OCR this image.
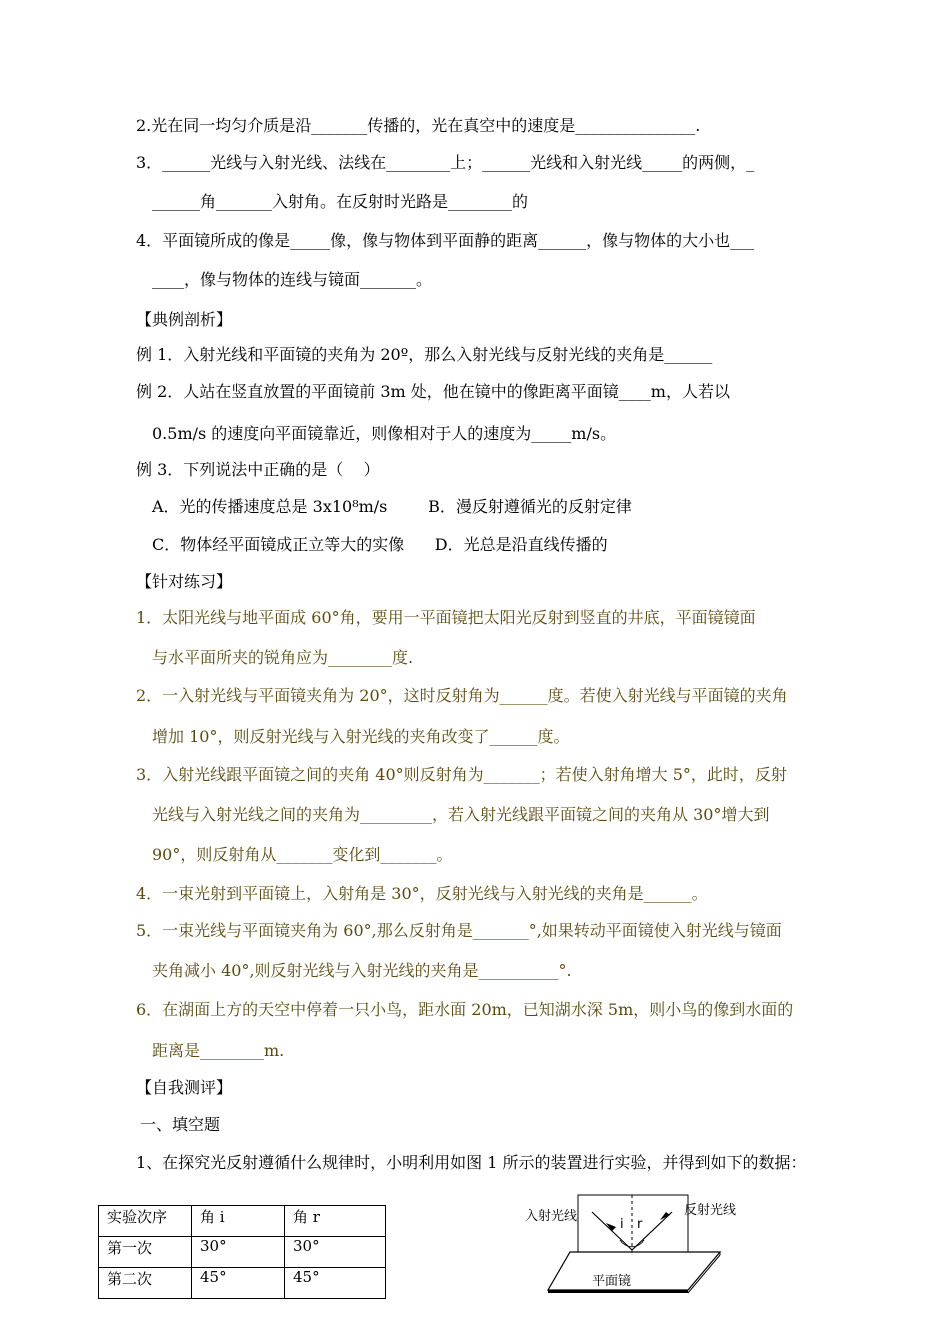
2.光在同一均匀介质是沿_______传播的，光在真空中的速度是_______________.
3．______光线与入射光线、法线在________上；______光线和入射光线_____的两侧，_
______角_______入射角。在反射时光路是________的
4．平面镜所成的像是_____像，像与物体到平面静的距离______，像与物体的大小也___
____，像与物体的连线与镜面_______。
【典例剖析】
例 1．入射光线和平面镜的夹角为 20º，那么入射光线与反射光线的夹角是______
例 2．人站在竖直放置的平面镜前 3m 处，他在镜中的像距离平面镜____m，人若以
0.5m/s 的速度向平面镜靠近，则像相对于人的速度为_____m/s。
例 3．下列说法中正确的是（    ）
A．光的传播速度总是 3x10⁸m/s        B．漫反射遵循光的反射定律
C．物体经平面镜成正立等大的实像      D．光总是沿直线传播的
【针对练习】
1．太阳光线与地平面成 60°角，要用一平面镜把太阳光反射到竖直的井底，平面镜镜面
与水平面所夹的锐角应为________度.
2．一入射光线与平面镜夹角为 20°，这时反射角为______度。若使入射光线与平面镜的夹角
增加 10°，则反射光线与入射光线的夹角改变了______度。
3．入射光线跟平面镜之间的夹角 40°则反射角为_______；若使入射角增大 5°，此时，反射
光线与入射光线之间的夹角为_________，若入射光线跟平面镜之间的夹角从 30°增大到
90°，则反射角从_______变化到_______。
4．一束光射到平面镜上，入射角是 30°，反射光线与入射光线的夹角是______。
5．一束光线与平面镜夹角为 60°,那么反射角是_______°,如果转动平面镜使入射光线与镜面
夹角减小 40°,则反射光线与入射光线的夹角是__________°.
6．在湖面上方的天空中停着一只小鸟，距水面 20m，已知湖水深 5m，则小鸟的像到水面的
距离是________m.
【自我测评】
一、填空题
1、在探究光反射遵循什么规律时，小明利用如图 1 所示的装置进行实验，并得到如下的数据：
实验次序	角 i	角 r
第一次	30°	30°
第二次	45°	45°
i r
入射光线	反射光线
平面镜
